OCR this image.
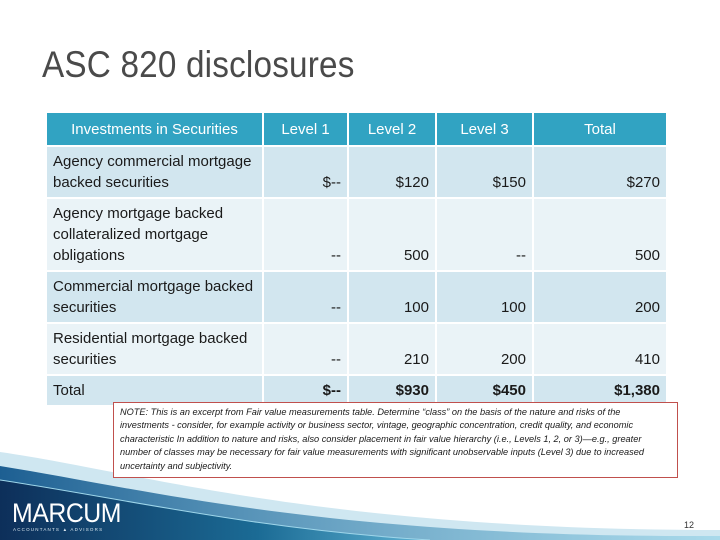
ASC 820 disclosures
Investments in Securities	Level 1	Level 2	Level 3	Total
Agency commercial mortgage backed securities	$--	$120	$150	$270
Agency mortgage backed collateralized mortgage obligations	--	500	--	500
Commercial mortgage backed securities	--	100	100	200
Residential mortgage backed securities	--	210	200	410
Total	$--	$930	$450	$1,380
MARCUM
ACCOUNTANTS ▲ ADVISORS
NOTE: This is an excerpt from Fair value measurements table. Determine “class” on the basis of the nature and risks of the investments - consider, for example activity or business sector, vintage, geographic concentration, credit quality, and economic characteristic In addition to nature and risks, also consider placement in fair value hierarchy (i.e., Levels 1, 2, or 3)—e.g., greater number of classes may be necessary for fair value measurements with significant unobservable inputs (Level 3) due to increased uncertainty and subjectivity.
12
